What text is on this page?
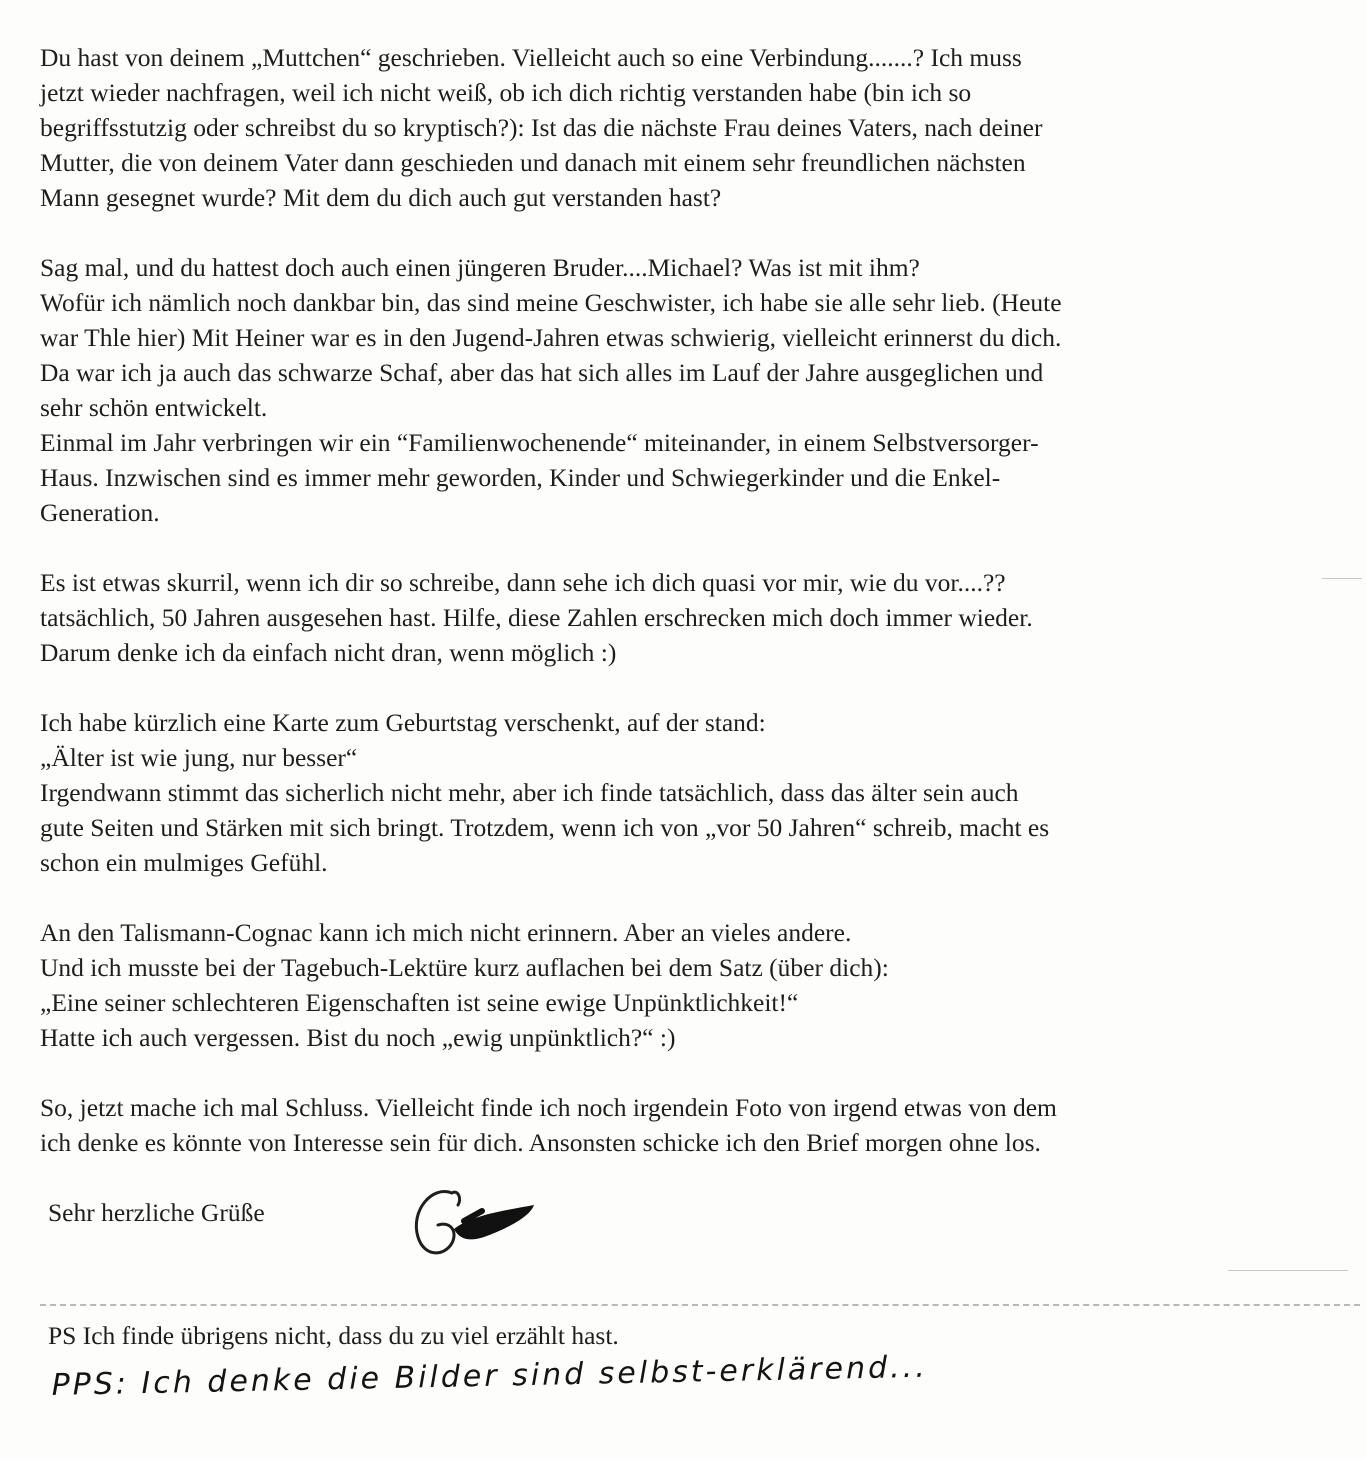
Du hast von deinem „Muttchen“ geschrieben. Vielleicht auch so eine Verbindung.......? Ich muss
jetzt wieder nachfragen, weil ich nicht weiß, ob ich dich richtig verstanden habe (bin ich so
begriffsstutzig oder schreibst du so kryptisch?): Ist das die nächste Frau deines Vaters, nach deiner
Mutter, die von deinem Vater dann geschieden und danach mit einem sehr freundlichen nächsten
Mann gesegnet wurde? Mit dem du dich auch gut verstanden hast?
Sag mal, und du hattest doch auch einen jüngeren Bruder....Michael? Was ist mit ihm?
Wofür ich nämlich noch dankbar bin, das sind meine Geschwister, ich habe sie alle sehr lieb. (Heute
war Thle hier) Mit Heiner war es in den Jugend-Jahren etwas schwierig, vielleicht erinnerst du dich.
Da war ich ja auch das schwarze Schaf, aber das hat sich alles im Lauf der Jahre ausgeglichen und
sehr schön entwickelt.
Einmal im Jahr verbringen wir ein “Familienwochenende“ miteinander, in einem Selbstversorger-
Haus. Inzwischen sind es immer mehr geworden, Kinder und Schwiegerkinder und die Enkel-
Generation.
Es ist etwas skurril, wenn ich dir so schreibe, dann sehe ich dich quasi vor mir, wie du vor....??
tatsächlich, 50 Jahren ausgesehen hast. Hilfe, diese Zahlen erschrecken mich doch immer wieder.
Darum denke ich da einfach nicht dran, wenn möglich :)
Ich habe kürzlich eine Karte zum Geburtstag verschenkt, auf der stand:
„Älter ist wie jung, nur besser“
Irgendwann stimmt das sicherlich nicht mehr, aber ich finde tatsächlich, dass das älter sein auch
gute Seiten und Stärken mit sich bringt. Trotzdem, wenn ich von „vor 50 Jahren“ schreib, macht es
schon ein mulmiges Gefühl.
An den Talismann-Cognac kann ich mich nicht erinnern. Aber an vieles andere.
Und ich musste bei der Tagebuch-Lektüre kurz auflachen bei dem Satz (über dich):
„Eine seiner schlechteren Eigenschaften ist seine ewige Unpünktlichkeit!“
Hatte ich auch vergessen. Bist du noch „ewig unpünktlich?“ :)
So, jetzt mache ich mal Schluss. Vielleicht finde ich noch irgendein Foto von irgend etwas von dem
ich denke es könnte von Interesse sein für dich. Ansonsten schicke ich den Brief morgen ohne los.
Sehr herzliche Grüße
PS Ich finde übrigens nicht, dass du zu viel erzählt hast.
PPS: Ich denke die Bilder sind selbst-erklärend...
